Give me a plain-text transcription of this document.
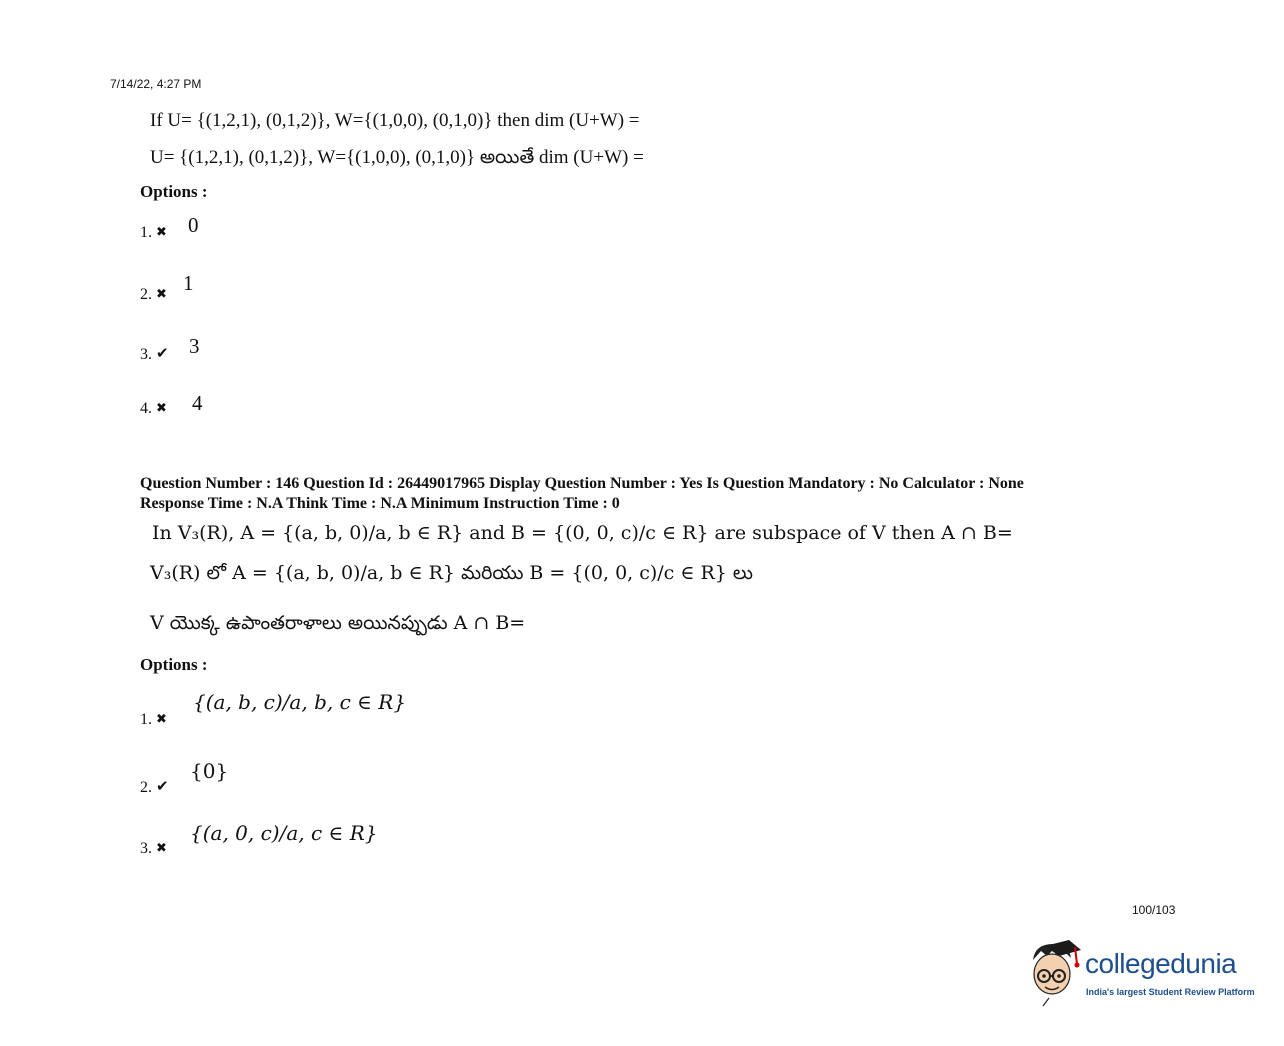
7/14/22, 4:27 PM
If U= {(1,2,1), (0,1,2)}, W={(1,0,0), (0,1,0)} then dim (U+W) =
U= {(1,2,1), (0,1,2)}, W={(1,0,0), (0,1,0)} అయితే dim (U+W) =
Options :
1. ✖ 0
2. ✖ 1
3. ✔ 3
4. ✖ 4
Question Number : 146 Question Id : 26449017965 Display Question Number : Yes Is Question Mandatory : No Calculator : None
Response Time : N.A Think Time : N.A Minimum Instruction Time : 0
In V₃(R), A = {(a, b, 0)/a, b ∈ R} and B = {(0, 0, c)/c ∈ R} are subspace of V then A ∩ B=
V₃(R) లో A = {(a, b, 0)/a, b ∈ R} మరియు B = {(0, 0, c)/c ∈ R} లు
V యొక్క ఉపాంతరాళాలు అయినప్పుడు A ∩ B=
Options :
1. ✖
{(a, b, c)/a, b, c ∈ R}
2. ✔
{0}
3. ✖
{(a, 0, c)/a, c ∈ R}
100/103
collegedunia
India's largest Student Review Platform
